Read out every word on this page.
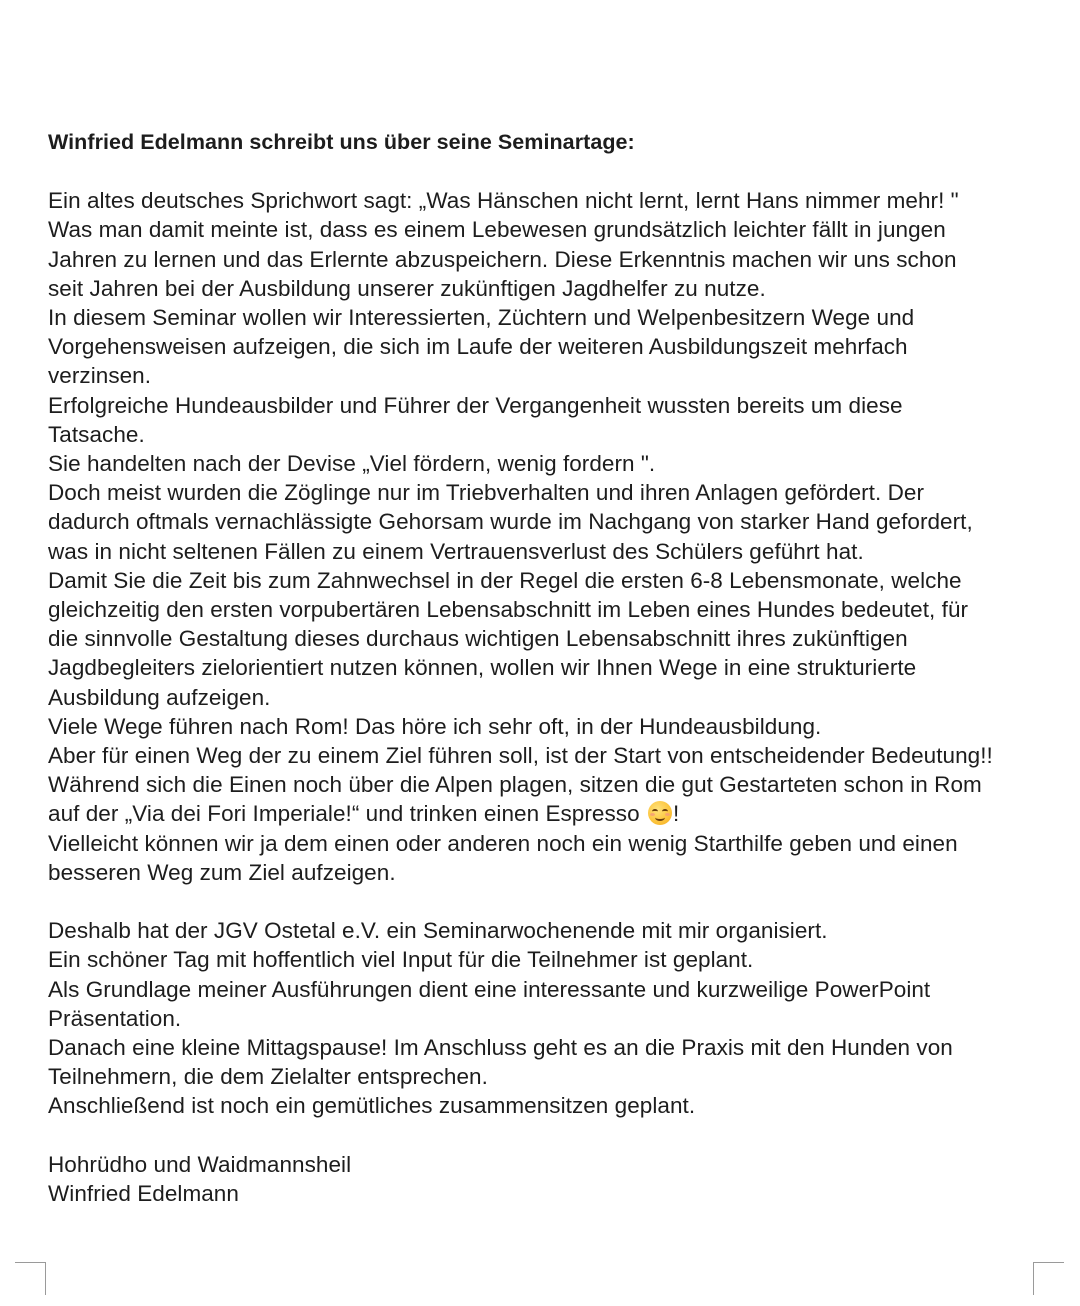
Winfried Edelmann schreibt uns über seine Seminartage:

Ein altes deutsches Sprichwort sagt: „Was Hänschen nicht lernt, lernt Hans nimmer mehr! "

Was man damit meinte ist, dass es einem Lebewesen grundsätzlich leichter fällt in jungen

Jahren zu lernen und das Erlernte abzuspeichern. Diese Erkenntnis machen wir uns schon

seit Jahren bei der Ausbildung unserer zukünftigen Jagdhelfer zu nutze.

In diesem Seminar wollen wir Interessierten, Züchtern und Welpenbesitzern Wege und

Vorgehensweisen aufzeigen, die sich im Laufe der weiteren Ausbildungszeit mehrfach

verzinsen.

Erfolgreiche Hundeausbilder und Führer der Vergangenheit wussten bereits um diese

Tatsache.

Sie handelten nach der Devise „Viel fördern, wenig fordern ".

Doch meist wurden die Zöglinge nur im Triebverhalten und ihren Anlagen gefördert. Der

dadurch oftmals vernachlässigte Gehorsam wurde im Nachgang von starker Hand gefordert,

was in nicht seltenen Fällen zu einem Vertrauensverlust des Schülers geführt hat.

Damit Sie die Zeit bis zum Zahnwechsel in der Regel die ersten 6-8 Lebensmonate, welche

gleichzeitig den ersten vorpubertären Lebensabschnitt im Leben eines Hundes bedeutet, für

die sinnvolle Gestaltung dieses durchaus wichtigen Lebensabschnitt ihres zukünftigen

Jagdbegleiters zielorientiert nutzen können, wollen wir Ihnen Wege in eine strukturierte

Ausbildung aufzeigen.

Viele Wege führen nach Rom! Das höre ich sehr oft, in der Hundeausbildung.

Aber für einen Weg der zu einem Ziel führen soll, ist der Start von entscheidender Bedeutung!!

Während sich die Einen noch über die Alpen plagen, sitzen die gut Gestarteten schon in Rom

auf der „Via dei Fori Imperiale!“ und trinken einen Espresso !

Vielleicht können wir ja dem einen oder anderen noch ein wenig Starthilfe geben und einen

besseren Weg zum Ziel aufzeigen.

Deshalb hat der JGV Ostetal e.V. ein Seminarwochenende mit mir organisiert.

Ein schöner Tag mit hoffentlich viel Input für die Teilnehmer ist geplant.

Als Grundlage meiner Ausführungen dient eine interessante und kurzweilige PowerPoint

Präsentation.

Danach eine kleine Mittagspause! Im Anschluss geht es an die Praxis mit den Hunden von

Teilnehmern, die dem Zielalter entsprechen.

Anschließend ist noch ein gemütliches zusammensitzen geplant.

Hohrüdho und Waidmannsheil

Winfried Edelmann
